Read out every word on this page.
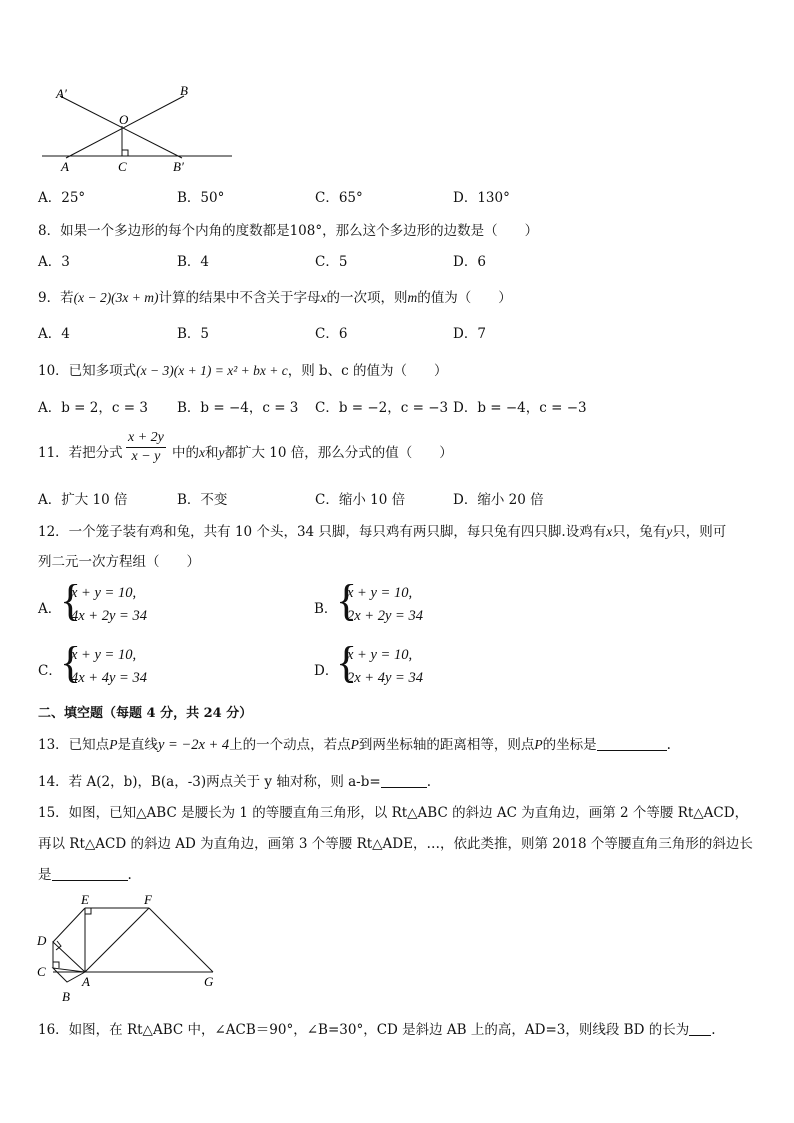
A′	B
O
A	C	B′
A．25°	B．50°	C．65°	D．130°
8．如果一个多边形的每个内角的度数都是108°，那么这个多边形的边数是（　　）
A．3	B．4	C．5	D．6
9．若(x − 2)(3x + m)计算的结果中不含关于字母x的一次项，则m的值为（　　）
A．4	B．5	C．6	D．7
10．已知多项式(x − 3)(x + 1) = x² + bx + c，则 b、c 的值为（　　）
A．b = 2，c = 3 B．b = −4，c = 3 C．b = −2，c = −3 D．b = −4，c = −3
11．若把分式 $\frac{x + 2y}{x - y}$ 中的x和y都扩大 10 倍，那么分式的值（　　）
A．扩大 10 倍	B．不变	C．缩小 10 倍	D．缩小 20 倍
12．一个笼子装有鸡和兔，共有 10 个头，34 只脚，每只鸡有两只脚，每只兔有四只脚.设鸡有x只，兔有y只，则可
列二元一次方程组（　　）
A．
{
x + y = 10,
4x + 2y = 34	B．
{
x + y = 10,
2x + 2y = 34
C．
{
x + y = 10,
4x + 4y = 34	D．
{
x + y = 10,
2x + 4y = 34
二、填空题（每题 4 分，共 24 分）
13．已知点P是直线y = −2x + 4上的一个动点，若点P到两坐标轴的距离相等，则点P的坐标是	.
14．若 A(2，b)，B(a，-3)两点关于 y 轴对称，则 a-b=	.
15．如图，已知△ABC 是腰长为 1 的等腰直角三角形，以 Rt△ABC 的斜边 AC 为直角边，画第 2 个等腰 Rt△ACD，
再以 Rt△ACD 的斜边 AD 为直角边，画第 3 个等腰 Rt△ADE，…，依此类推，则第 2018 个等腰直角三角形的斜边长
是	.
E	F
D
C
A	G
B
16．如图，在 Rt△ABC 中，∠ACB＝90°，∠B=30°，CD 是斜边 AB 上的高，AD=3，则线段 BD 的长为 .
